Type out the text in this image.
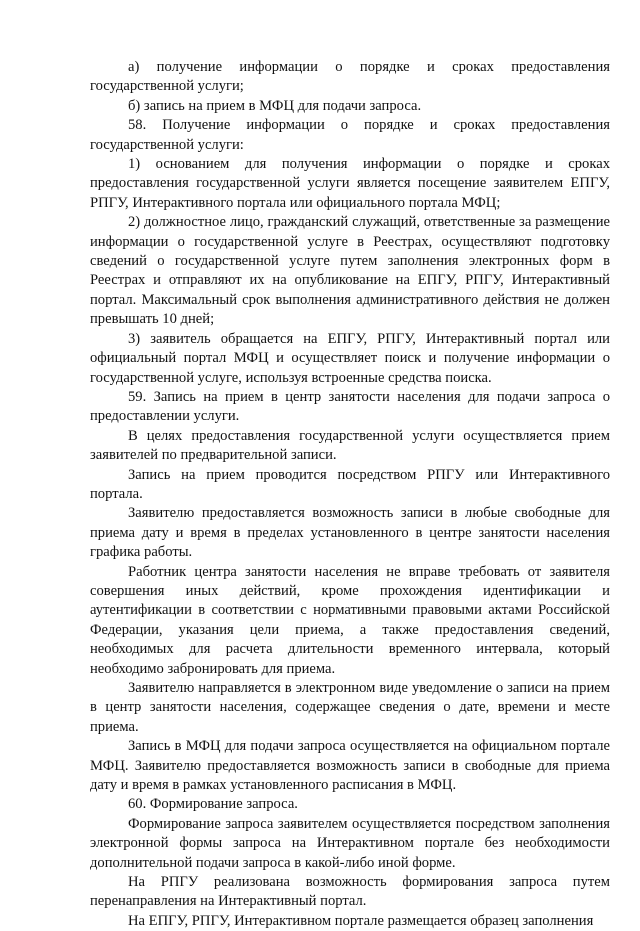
а) получение информации о порядке и сроках предоставления государственной услуги;

б) запись на прием в МФЦ для подачи запроса.

58. Получение информации о порядке и сроках предоставления государственной услуги:

1) основанием для получения информации о порядке и сроках предоставления государственной услуги является посещение заявителем ЕПГУ, РПГУ, Интерактивного портала или официального портала МФЦ;

2) должностное лицо, гражданский служащий, ответственные за размещение информации о государственной услуге в Реестрах, осуществляют подготовку сведений о государственной услуге путем заполнения электронных форм в Реестрах и отправляют их на опубликование на ЕПГУ, РПГУ, Интерактивный портал. Максимальный срок выполнения административного действия не должен превышать 10 дней;

3) заявитель обращается на ЕПГУ, РПГУ, Интерактивный портал или официальный портал МФЦ и осуществляет поиск и получение информации о государственной услуге, используя встроенные средства поиска.

59. Запись на прием в центр занятости населения для подачи запроса о предоставлении услуги.

В целях предоставления государственной услуги осуществляется прием заявителей по предварительной записи.

Запись на прием проводится посредством РПГУ или Интерактивного портала.

Заявителю предоставляется возможность записи в любые свободные для приема дату и время в пределах установленного в центре занятости населения графика работы.

Работник центра занятости населения не вправе требовать от заявителя совершения иных действий, кроме прохождения идентификации и аутентификации в соответствии с нормативными правовыми актами Российской Федерации, указания цели приема, а также предоставления сведений, необходимых для расчета длительности временного интервала, который необходимо забронировать для приема.

Заявителю направляется в электронном виде уведомление о записи на прием в центр занятости населения, содержащее сведения о дате, времени и месте приема.

Запись в МФЦ для подачи запроса осуществляется на официальном портале МФЦ. Заявителю предоставляется возможность записи в свободные для приема дату и время в рамках установленного расписания в МФЦ.

60. Формирование запроса.

Формирование запроса заявителем осуществляется посредством заполнения электронной формы запроса на Интерактивном портале без необходимости дополнительной подачи запроса в какой-либо иной форме.

На РПГУ реализована возможность формирования запроса путем перенаправления на Интерактивный портал.

На ЕПГУ, РПГУ, Интерактивном портале размещается образец заполнения
